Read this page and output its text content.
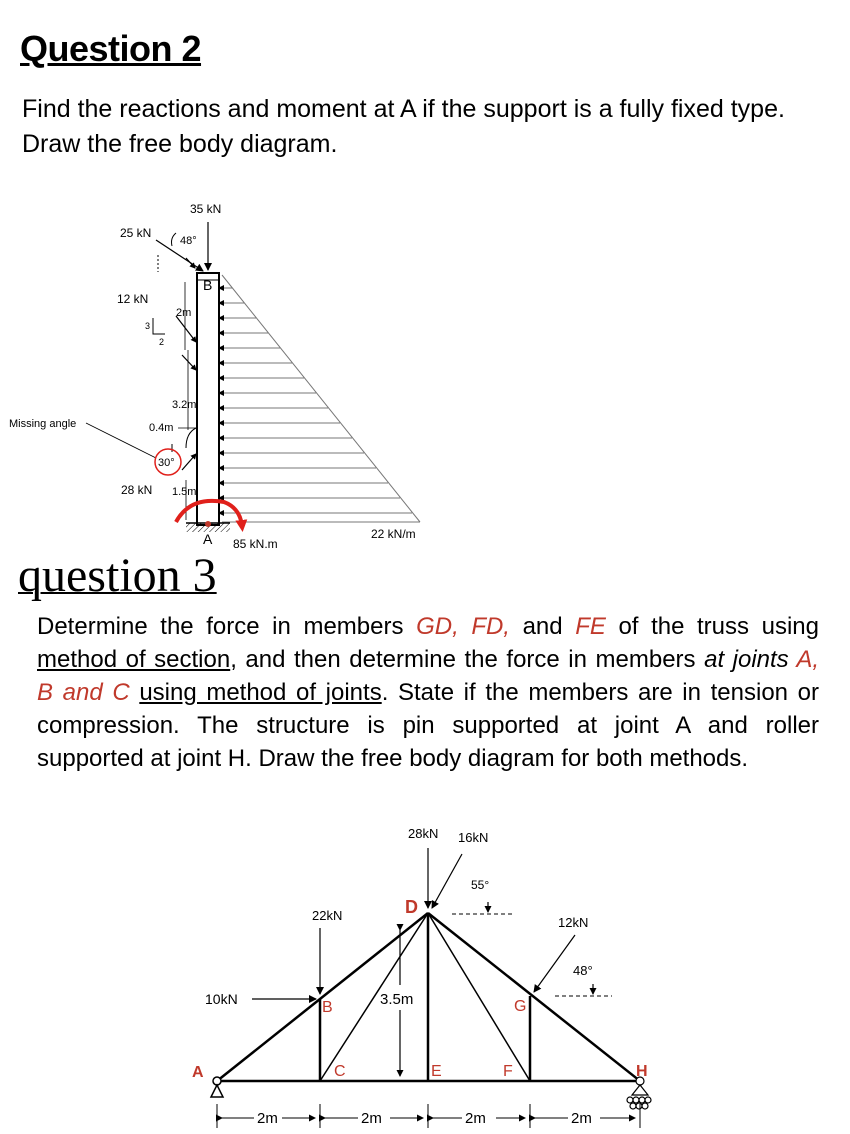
Question 2

Find the reactions and moment at A if the support is a fully fixed type.

Draw the free body diagram.

35 kN
25 kN
48°
B
12 kN
3
2
2m
3.2m
Missing angle	0.4m
30°
28 kN 1.5m
A 85 kN.m
22 kN/m
question 3
Determine the force in members GD, FD, and FE of the truss using method of section, and then determine the force in members at joints A, B and C using method of joints. State if the members are in tension or compression. The structure is pin supported at joint A and roller supported at joint H. Draw the free body diagram for both methods.
28kN 16kN
55°
D
22kN	12kN
48°
10kN	B	G
A	C	E	F	H
3.5m
2m	2m	2m	2m
